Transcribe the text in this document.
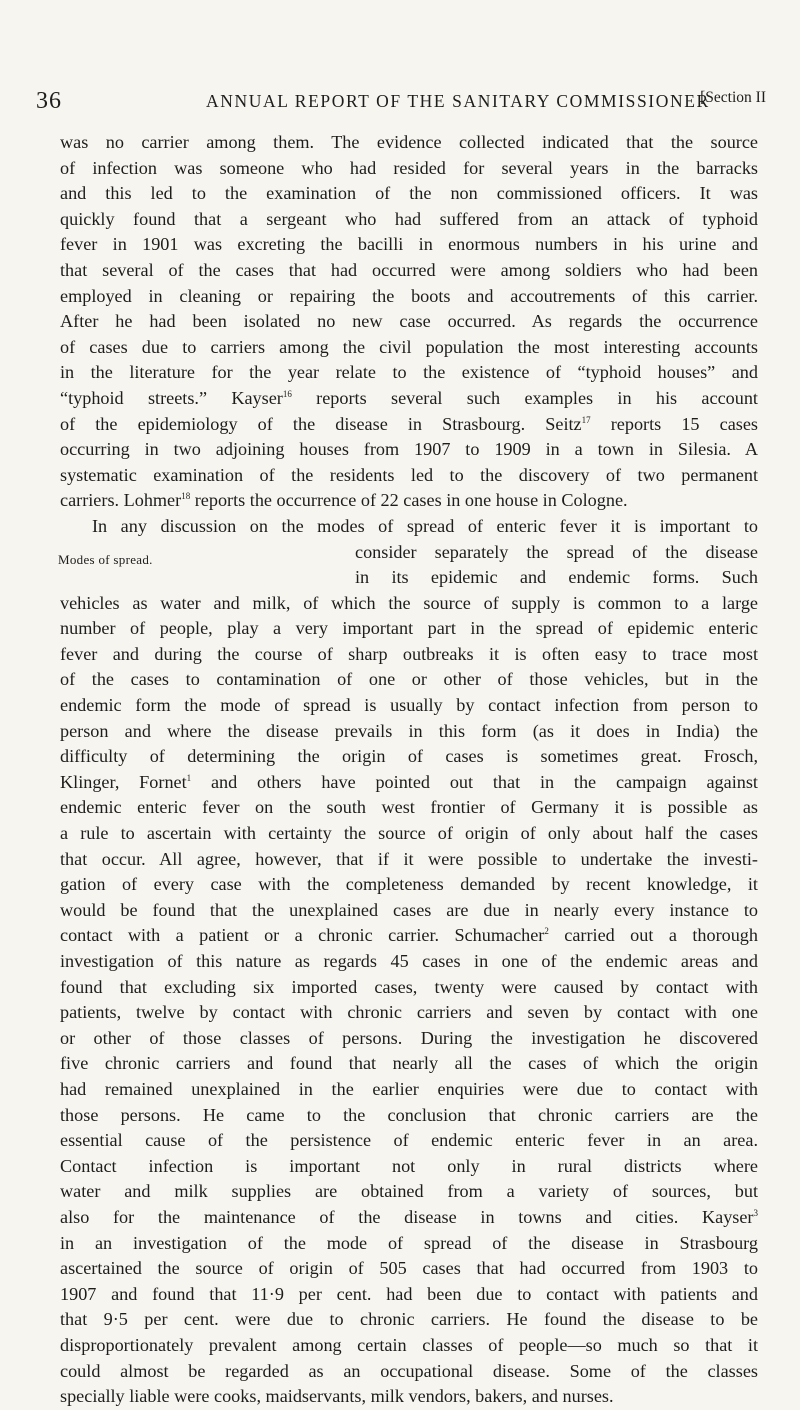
36	ANNUAL REPORT OF THE SANITARY COMMISSIONER
[Section II

was no carrier among them. The evidence collected indicated that the source

of infection was someone who had resided for several years in the barracks

and this led to the examination of the non commissioned officers. It was

quickly found that a sergeant who had suffered from an attack of typhoid

fever in 1901 was excreting the bacilli in enormous numbers in his urine and

that several of the cases that had occurred were among soldiers who had been

employed in cleaning or repairing the boots and accoutrements of this carrier.

After he had been isolated no new case occurred. As regards the occurrence

of cases due to carriers among the civil population the most interesting accounts

in the literature for the year relate to the existence of “typhoid houses” and

“typhoid streets.” Kayser$^{16}$ reports several such examples in his account

of the epidemiology of the disease in Strasbourg. Seitz$^{17}$ reports 15 cases

occurring in two adjoining houses from 1907 to 1909 in a town in Silesia. A

systematic examination of the residents led to the discovery of two permanent

carriers. Lohmer$^{18}$ reports the occurrence of 22 cases in one house in Cologne.

Modes of spread.

In any discussion on the modes of spread of enteric fever it is important to

consider separately the spread of the disease

in its epidemic and endemic forms. Such

vehicles as water and milk, of which the source of supply is common to a large

number of people, play a very important part in the spread of epidemic enteric

fever and during the course of sharp outbreaks it is often easy to trace most

of the cases to contamination of one or other of those vehicles, but in the

endemic form the mode of spread is usually by contact infection from person to

person and where the disease prevails in this form (as it does in India) the

difficulty of determining the origin of cases is sometimes great. Frosch,

Klinger, Fornet$^1$ and others have pointed out that in the campaign against

endemic enteric fever on the south west frontier of Germany it is possible as

a rule to ascertain with certainty the source of origin of only about half the cases

that occur. All agree, however, that if it were possible to undertake the investi-

gation of every case with the completeness demanded by recent knowledge, it

would be found that the unexplained cases are due in nearly every instance to

contact with a patient or a chronic carrier. Schumacher$^2$ carried out a thorough

investigation of this nature as regards 45 cases in one of the endemic areas and

found that excluding six imported cases, twenty were caused by contact with

patients, twelve by contact with chronic carriers and seven by contact with one

or other of those classes of persons. During the investigation he discovered

five chronic carriers and found that nearly all the cases of which the origin

had remained unexplained in the earlier enquiries were due to contact with

those persons. He came to the conclusion that chronic carriers are the

essential cause of the persistence of endemic enteric fever in an area.

Contact infection is important not only in rural districts where

water and milk supplies are obtained from a variety of sources, but

also for the maintenance of the disease in towns and cities. Kayser$^3$

in an investigation of the mode of spread of the disease in Strasbourg

ascertained the source of origin of 505 cases that had occurred from 1903 to

1907 and found that 11·9 per cent. had been due to contact with patients and

that 9·5 per cent. were due to chronic carriers. He found the disease to be

disproportionately prevalent among certain classes of people—so much so that it

could almost be regarded as an occupational disease. Some of the classes

specially liable were cooks, maidservants, milk vendors, bakers, and nurses.
